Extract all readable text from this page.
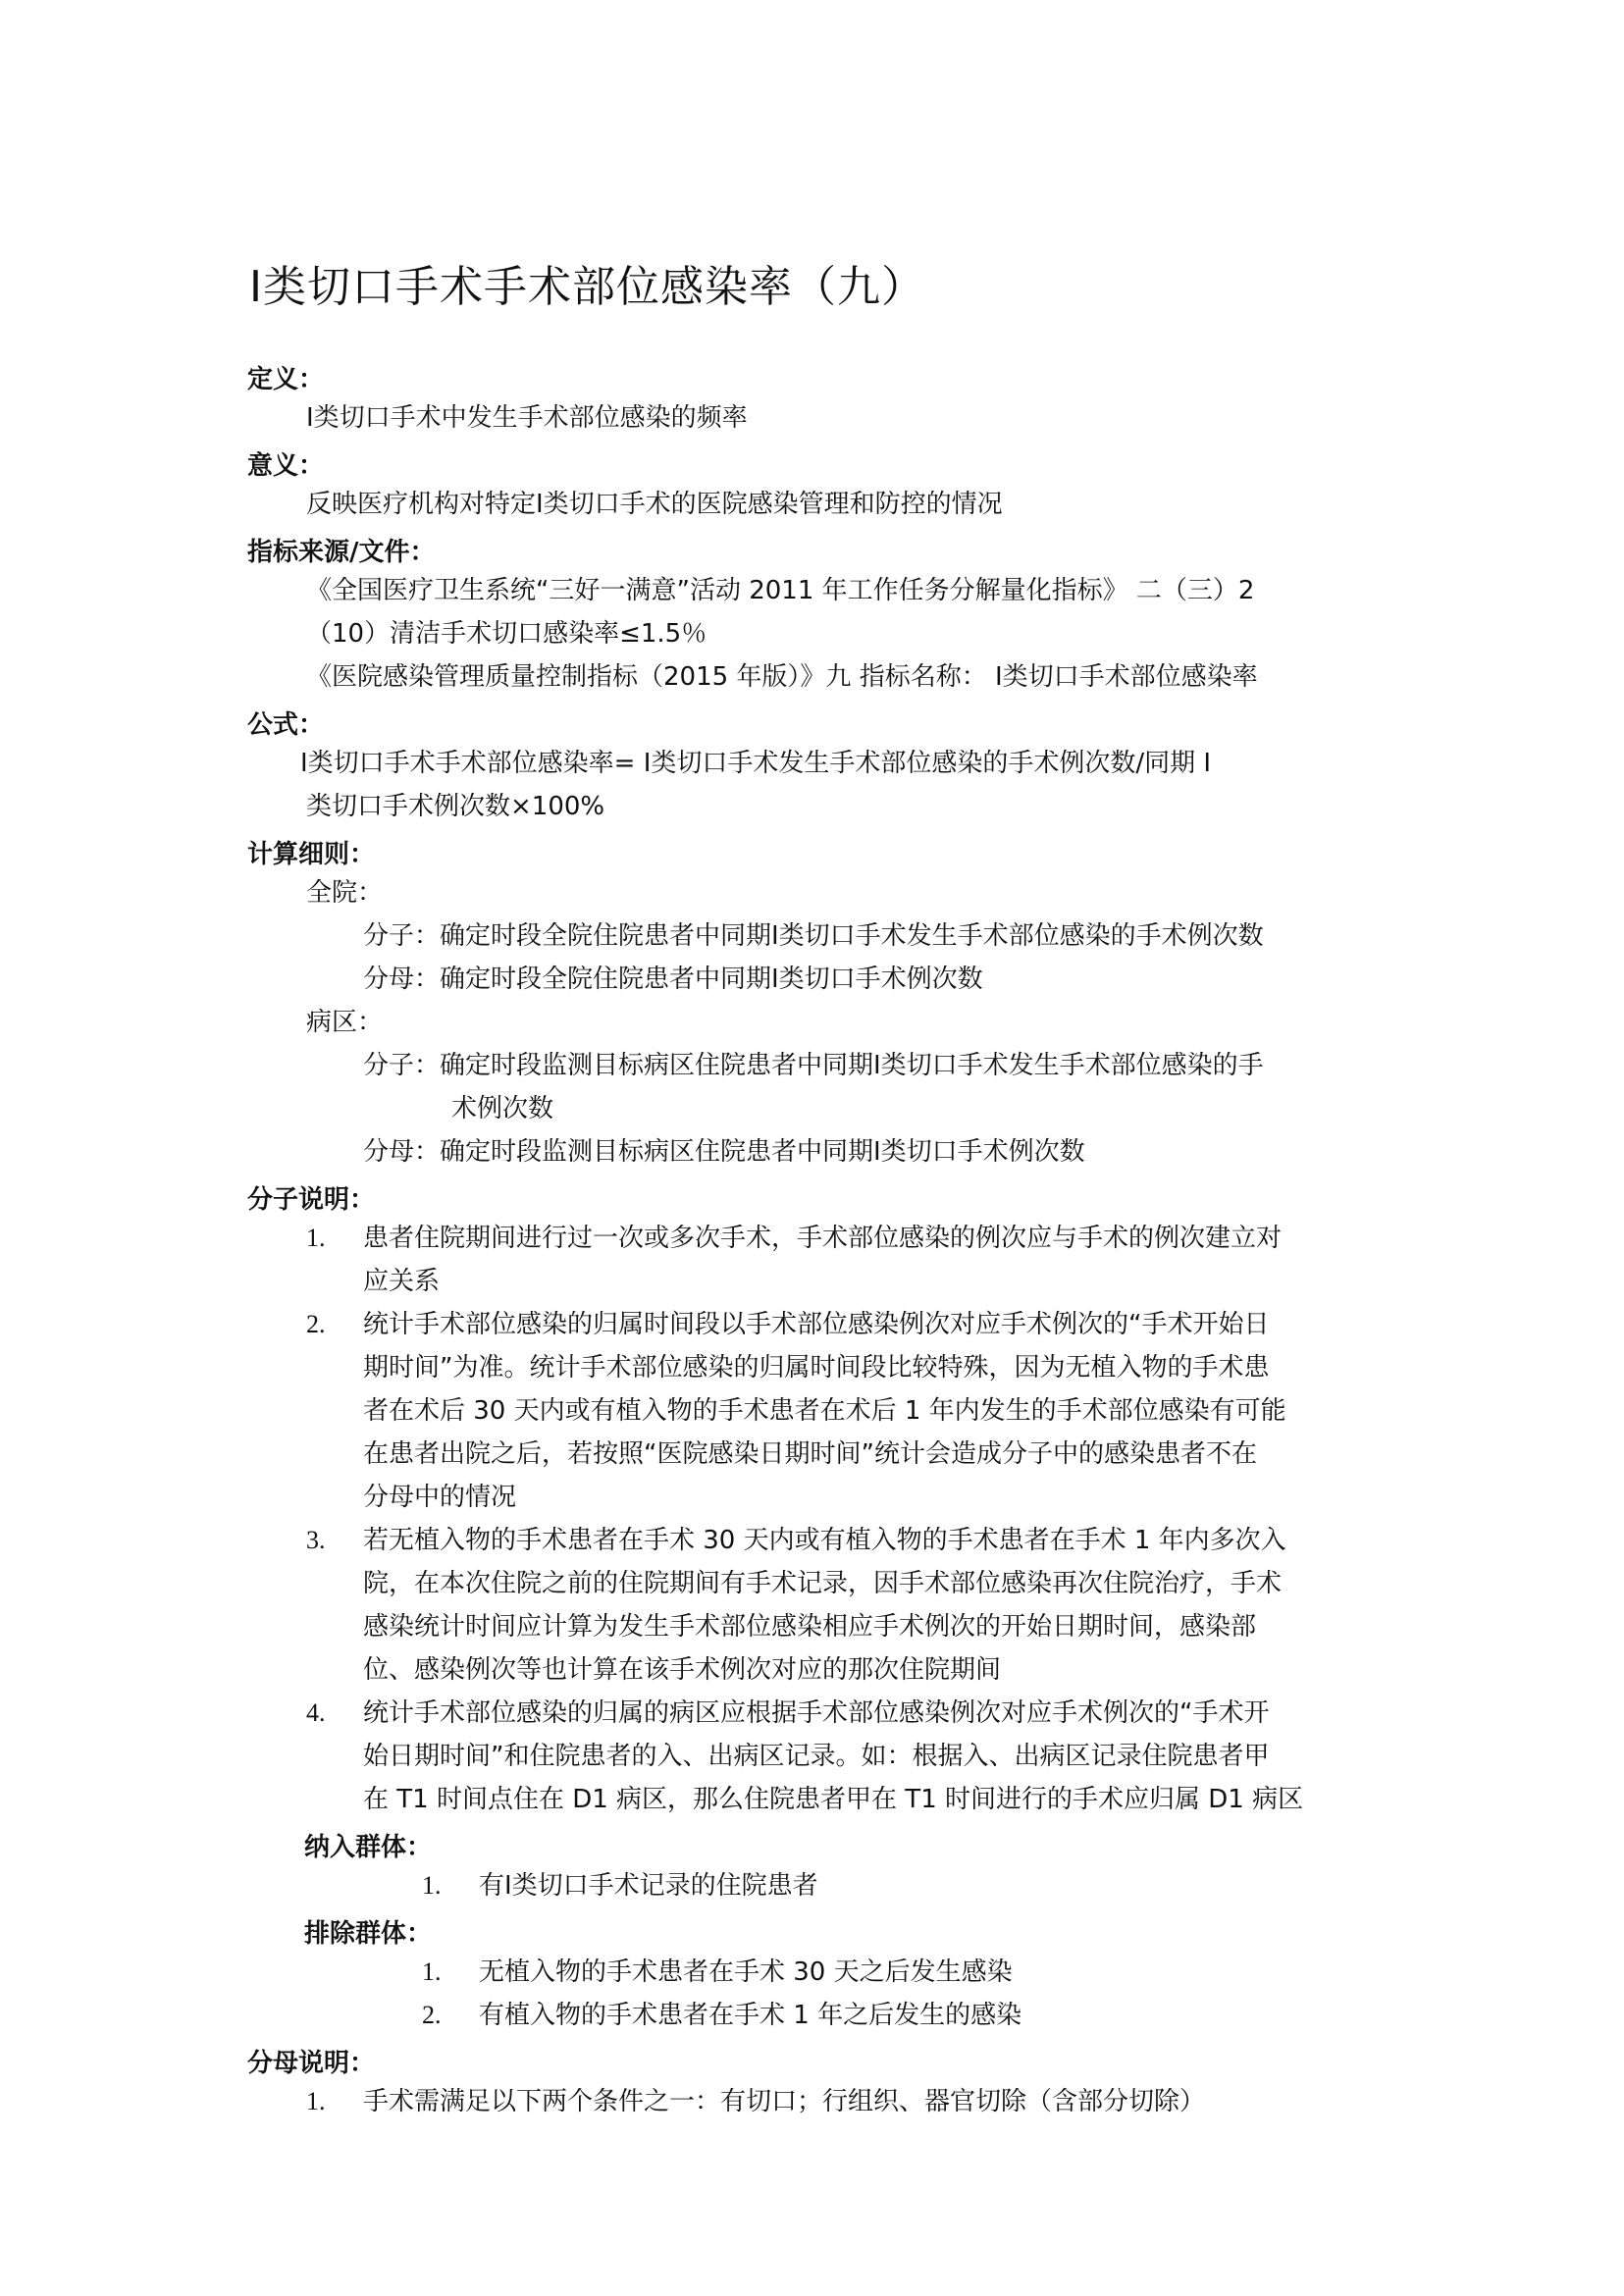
Ⅰ类切口手术手术部位感染率（九）
定义：
Ⅰ类切口手术中发生手术部位感染的频率
意义：
反映医疗机构对特定Ⅰ类切口手术的医院感染管理和防控的情况
指标来源/文件：
《全国医疗卫生系统“三好一满意”活动 2011 年工作任务分解量化指标》 二（三）2
（10）清洁手术切口感染率≤1.5％
《医院感染管理质量控制指标（2015 年版）》九 指标名称： Ⅰ类切口手术部位感染率
公式：
Ⅰ类切口手术手术部位感染率= Ⅰ类切口手术发生手术部位感染的手术例次数/同期 Ⅰ
类切口手术例次数×100%
计算细则：
全院：
分子：确定时段全院住院患者中同期Ⅰ类切口手术发生手术部位感染的手术例次数
分母：确定时段全院住院患者中同期Ⅰ类切口手术例次数
病区：
分子：确定时段监测目标病区住院患者中同期Ⅰ类切口手术发生手术部位感染的手
术例次数
分母：确定时段监测目标病区住院患者中同期Ⅰ类切口手术例次数
分子说明：
1. 患者住院期间进行过一次或多次手术，手术部位感染的例次应与手术的例次建立对
应关系
2. 统计手术部位感染的归属时间段以手术部位感染例次对应手术例次的“手术开始日
期时间”为准。统计手术部位感染的归属时间段比较特殊，因为无植入物的手术患
者在术后 30 天内或有植入物的手术患者在术后 1 年内发生的手术部位感染有可能
在患者出院之后，若按照“医院感染日期时间”统计会造成分子中的感染患者不在
分母中的情况
3. 若无植入物的手术患者在手术 30 天内或有植入物的手术患者在手术 1 年内多次入
院，在本次住院之前的住院期间有手术记录，因手术部位感染再次住院治疗，手术
感染统计时间应计算为发生手术部位感染相应手术例次的开始日期时间，感染部
位、感染例次等也计算在该手术例次对应的那次住院期间
4. 统计手术部位感染的归属的病区应根据手术部位感染例次对应手术例次的“手术开
始日期时间”和住院患者的入、出病区记录。如：根据入、出病区记录住院患者甲
在 T1 时间点住在 D1 病区，那么住院患者甲在 T1 时间进行的手术应归属 D1 病区
纳入群体：
1. 有Ⅰ类切口手术记录的住院患者
排除群体：
1. 无植入物的手术患者在手术 30 天之后发生感染
2. 有植入物的手术患者在手术 1 年之后发生的感染
分母说明：
1. 手术需满足以下两个条件之一：有切口；行组织、器官切除（含部分切除）
